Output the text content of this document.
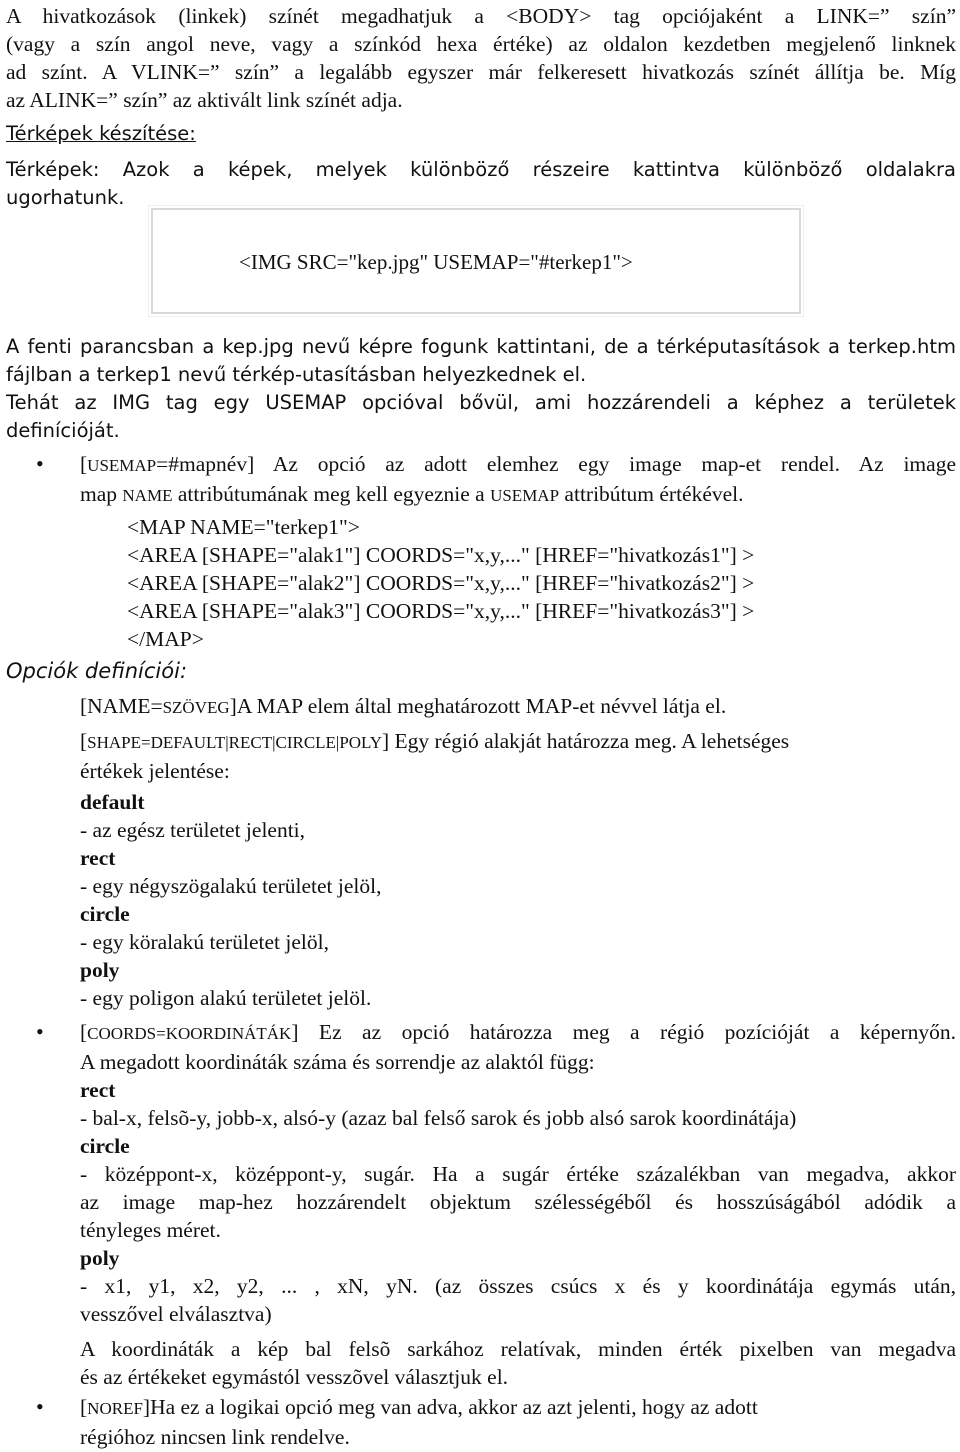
A hivatkozások (linkek) színét megadhatjuk a <BODY> tag opciójaként a LINK=” szín”
(vagy a szín angol neve, vagy a színkód hexa értéke) az oldalon kezdetben megjelenő linknek
ad színt. A VLINK=” szín” a legalább egyszer már felkeresett hivatkozás színét állítja be. Míg
az ALINK=” szín” az aktivált link színét adja.
Térképek készítése:
Térképek: Azok a képek, melyek különböző részeire kattintva különböző oldalakra
ugorhatunk.
<IMG SRC="kep.jpg" USEMAP="#terkep1">
A fenti parancsban a kep.jpg nevű képre fogunk kattintani, de a térképutasítások a terkep.htm
fájlban a terkep1 nevű térkép-utasításban helyezkednek el.
Tehát az IMG tag egy USEMAP opcióval bővül, ami hozzárendeli a képhez a területek
definícióját.
• [USEMAP=#mapnév] Az opció az adott elemhez egy image map-et rendel. Az image
map NAME attribútumának meg kell egyeznie a USEMAP attribútum értékével.
<MAP NAME="terkep1">
<AREA [SHAPE="alak1"] COORDS="x,y,..." [HREF="hivatkozás1"] >
<AREA [SHAPE="alak2"] COORDS="x,y,..." [HREF="hivatkozás2"] >
<AREA [SHAPE="alak3"] COORDS="x,y,..." [HREF="hivatkozás3"] >
</MAP>
Opciók definíciói:
[NAME=SZÖVEG]A MAP elem által meghatározott MAP-et névvel látja el.
[SHAPE=DEFAULT|RECT|CIRCLE|POLY] Egy régió alakját határozza meg. A lehetséges
értékek jelentése:
default
- az egész területet jelenti,
rect
- egy négyszögalakú területet jelöl,
circle
- egy köralakú területet jelöl,
poly
- egy poligon alakú területet jelöl.
• [COORDS=KOORDINÁTÁK] Ez az opció határozza meg a régió pozícióját a képernyőn.
A megadott koordináták száma és sorrendje az alaktól függ:
rect
- bal-x, felsõ-y, jobb-x, alsó-y (azaz bal felső sarok és jobb alsó sarok koordinátája)
circle
- középpont-x, középpont-y, sugár. Ha a sugár értéke százalékban van megadva, akkor
az image map-hez hozzárendelt objektum szélességéből és hosszúságából adódik a
tényleges méret.
poly
- x1, y1, x2, y2, ... , xN, yN. (az összes csúcs x és y koordinátája egymás után,
vesszővel elválasztva)
A koordináták a kép bal felsõ sarkához relatívak, minden érték pixelben van megadva
és az értékeket egymástól vesszõvel választjuk el.
• [NOREF]Ha ez a logikai opció meg van adva, akkor az azt jelenti, hogy az adott
régióhoz nincsen link rendelve.
